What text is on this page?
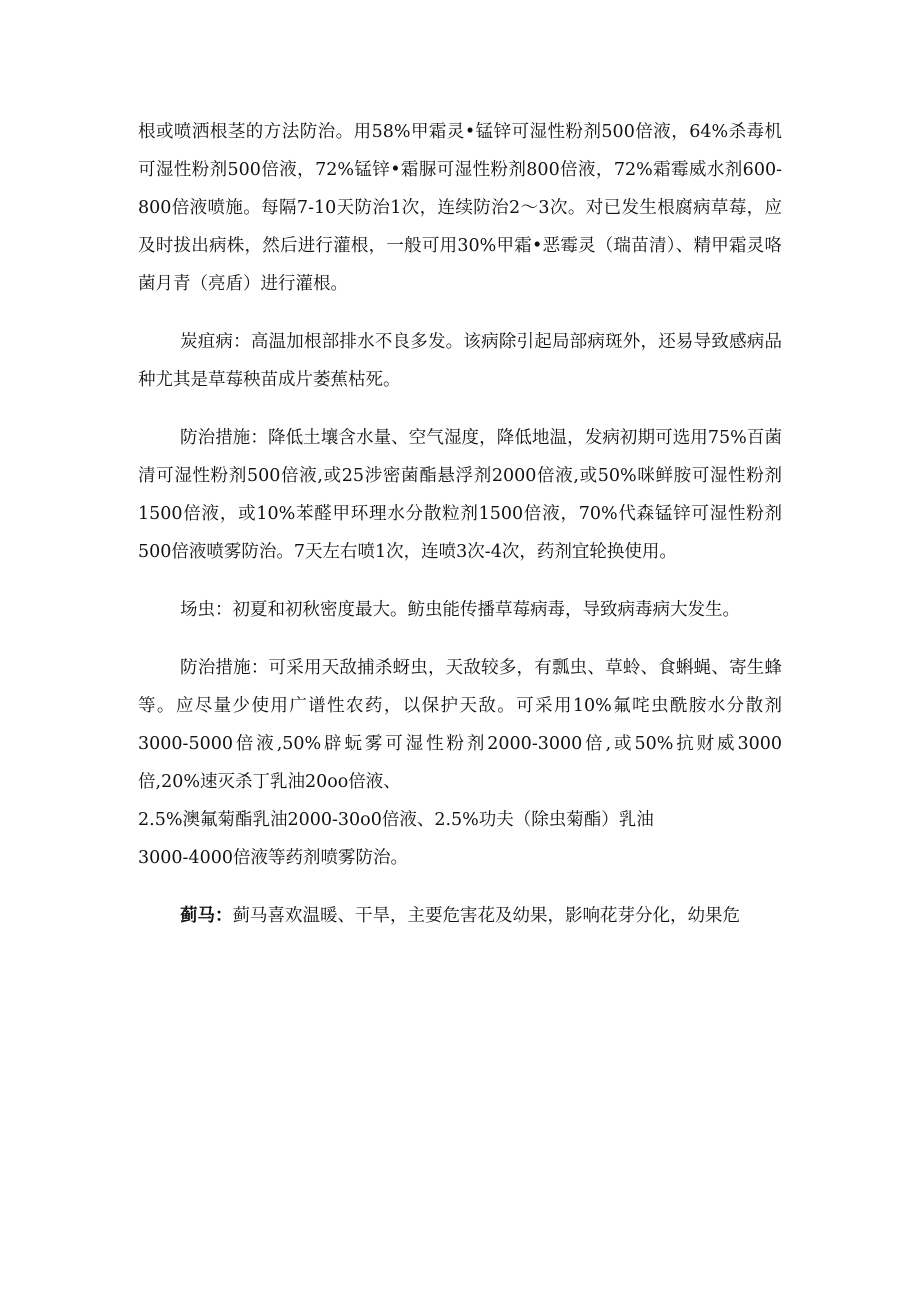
根或喷洒根茎的方法防治。用58%甲霜灵•锰锌可湿性粉剂500倍液，64%杀毒机可湿性粉剂500倍液，72%锰锌•霜脲可湿性粉剂800倍液，72%霜霉威水剂600-800倍液喷施。每隔7-10天防治1次，连续防治2～3次。对已发生根腐病草莓，应及时拔出病株，然后进行灌根，一般可用30%甲霜•恶霉灵（瑞苗清）、精甲霜灵咯菌月青（亮盾）进行灌根。

炭疽病：高温加根部排水不良多发。该病除引起局部病斑外，还易导致感病品种尤其是草莓秧苗成片萎蕉枯死。

防治措施：降低土壤含水量、空气湿度，降低地温，发病初期可选用75%百菌清可湿性粉剂500倍液,或25涉密菌酯悬浮剂2000倍液,或50%咪鲜胺可湿性粉剂1500倍液，或10%苯醛甲环理水分散粒剂1500倍液，70%代森锰锌可湿性粉剂500倍液喷雾防治。7天左右喷1次，连喷3次-4次，药剂宜轮换使用。

场虫：初夏和初秋密度最大。鲂虫能传播草莓病毒，导致病毒病大发生。

防治措施：可采用天敌捕杀蚜虫，天敌较多，有瓢虫、草蛉、食蝌蝇、寄生蜂等。应尽量少使用广谱性农药，以保护天敌。可采用10%氟咤虫酰胺水分散剂3000-5000倍液,50%辟蚖雾可湿性粉剂2000-3000倍,或50%抗财威3000倍,20%速灭杀丁乳油20oo倍液、

2.5%澳氟菊酯乳油2000-30o0倍液、2.5%功夫（除虫菊酯）乳油

3000-4000倍液等药剂喷雾防治。

蓟马：蓟马喜欢温暖、干旱，主要危害花及幼果，影响花芽分化，幼果危
